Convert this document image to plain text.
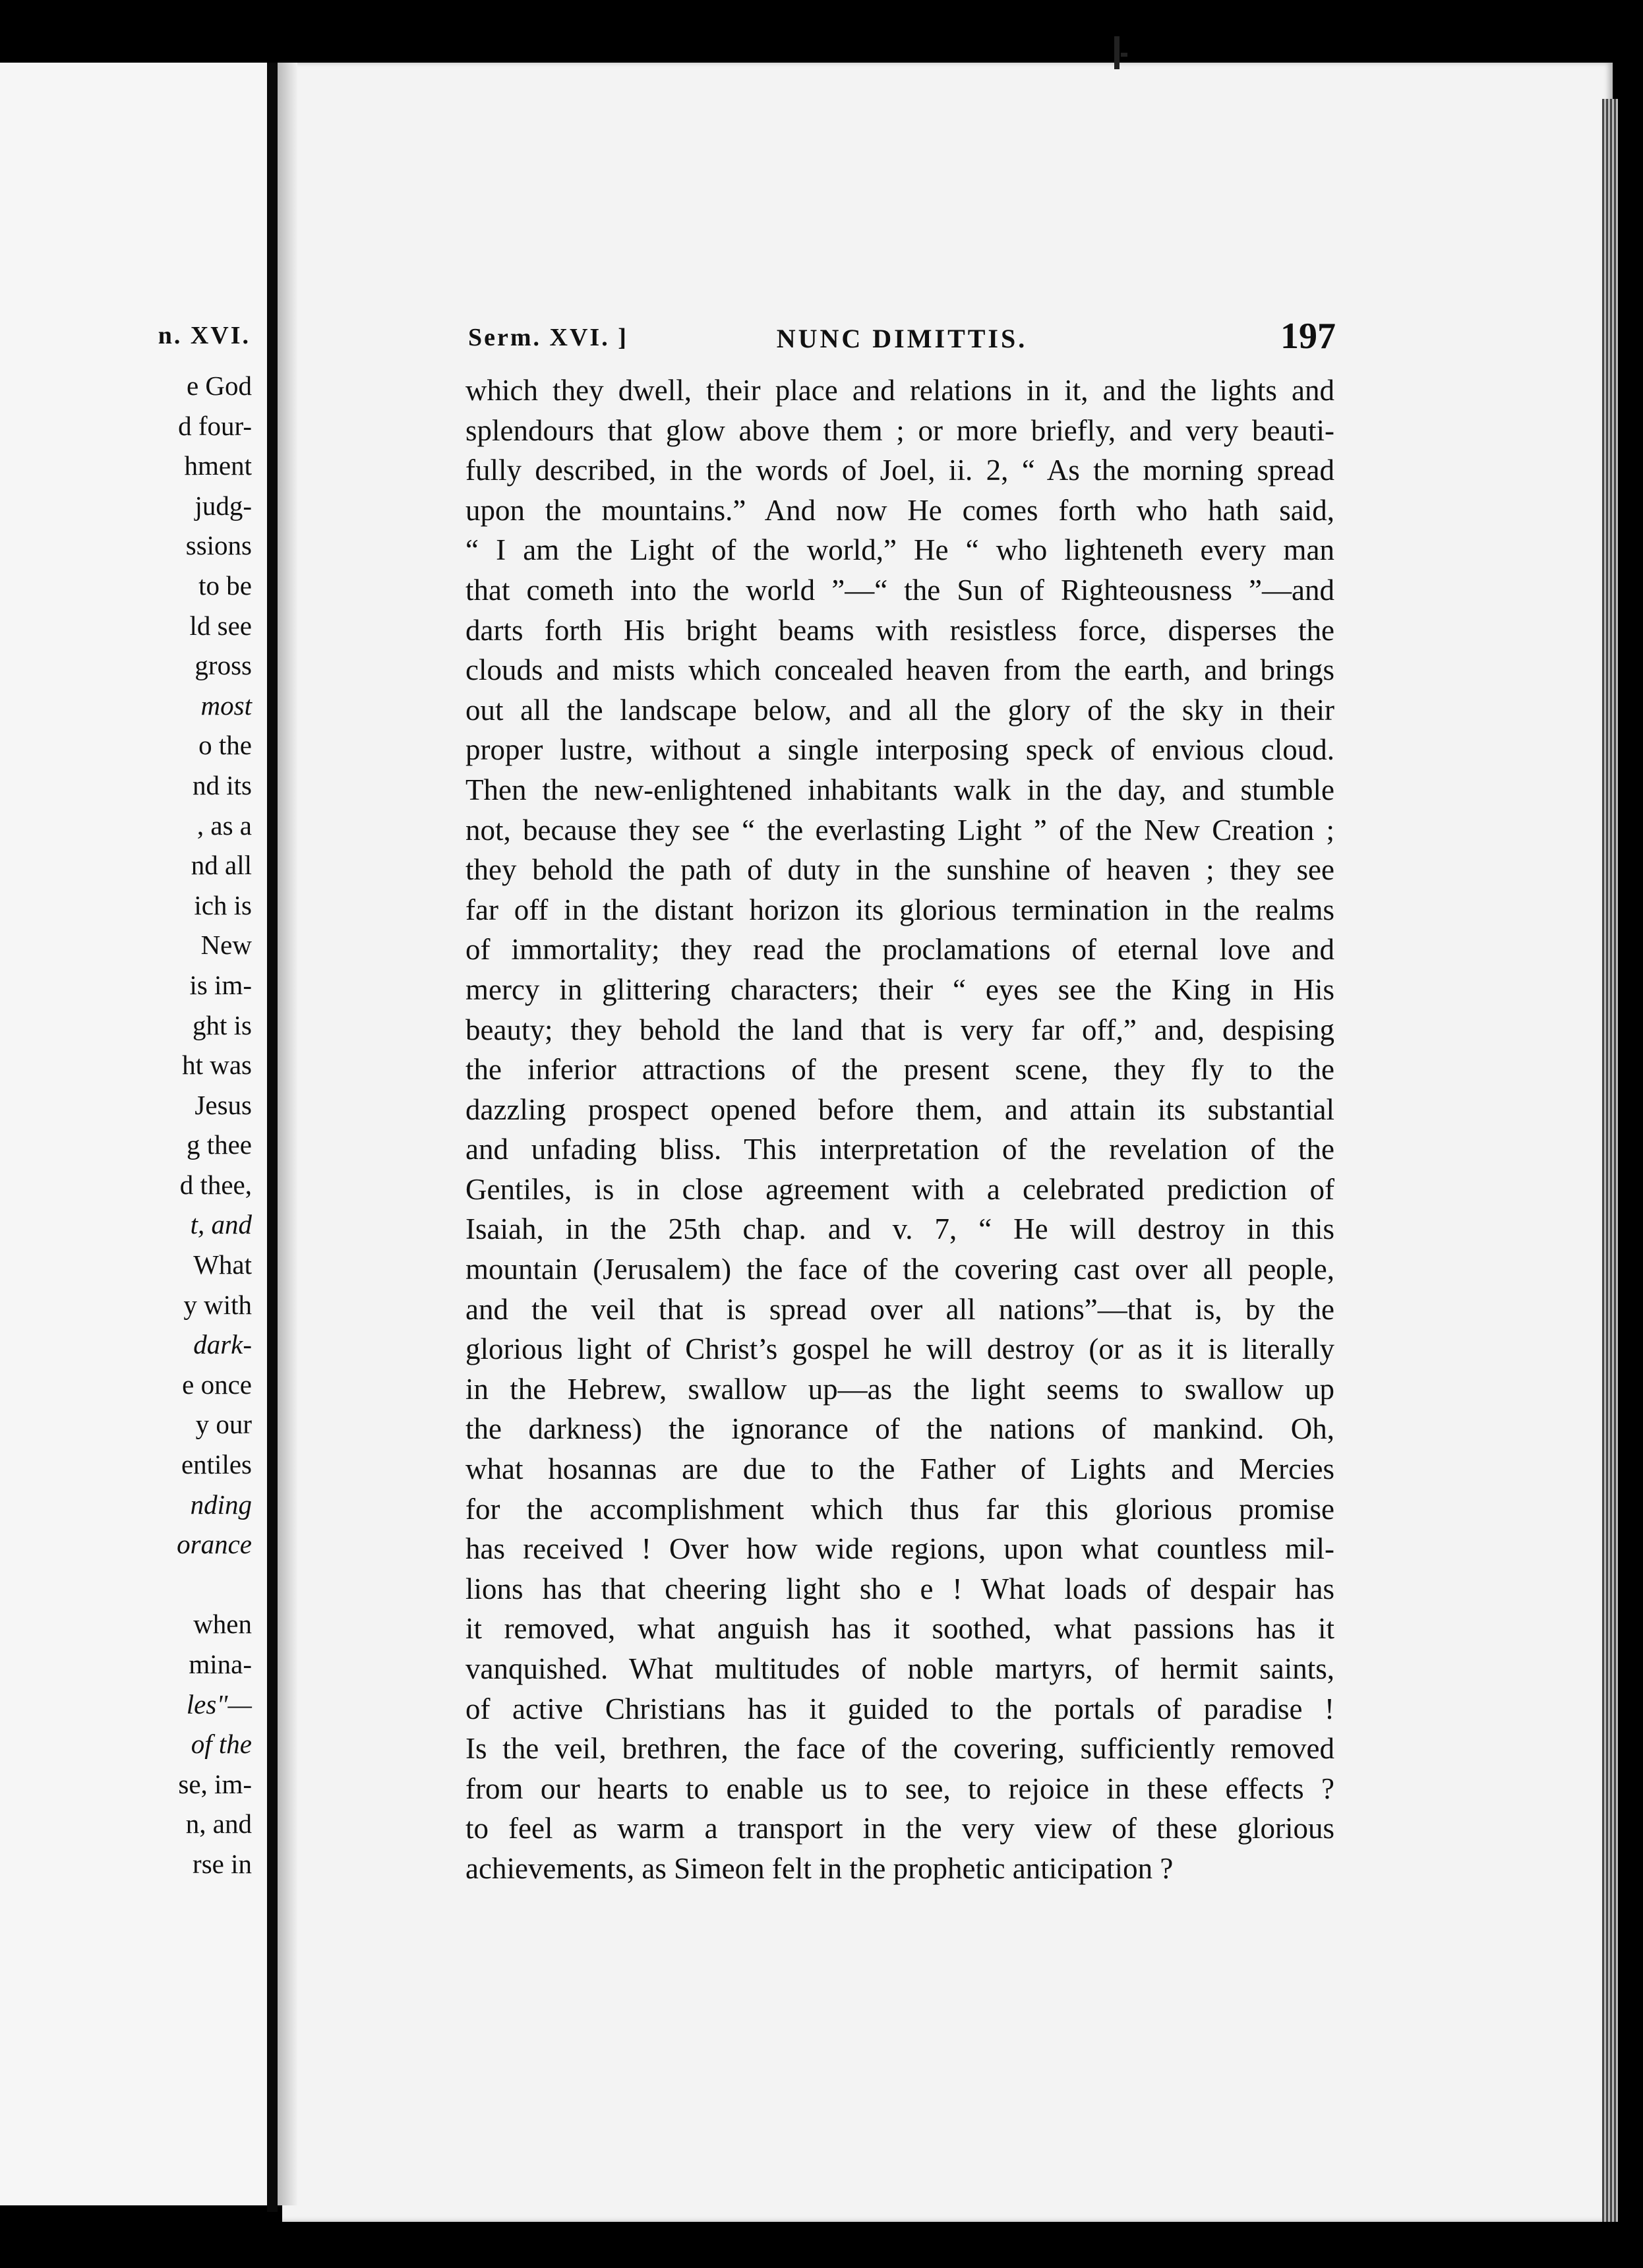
n. XVI.
e God
d four-
hment
judg-
ssions
to be
ld see
gross
most
o the
nd its
, as a
nd all
ich is
New
is im-
ght is
ht was
Jesus
g thee
d thee,
t, and
What
y with
dark-
e once
y our
entiles
nding
orance
when
mina-
les"—
of the
se, im-
n, and
rse in
Serm. XVI. ]	NUNC DIMITTIS.	197

which they dwell, their place and relations in it, and the lights and

splendours that glow above them ; or more briefly, and very beauti-

fully described, in the words of Joel, ii. 2, “ As the morning spread

upon the mountains.” And now He comes forth who hath said,

“ I am the Light of the world,” He “ who lighteneth every man

that cometh into the world ”—“ the Sun of Righteousness ”—and

darts forth His bright beams with resistless force, disperses the

clouds and mists which concealed heaven from the earth, and brings

out all the landscape below, and all the glory of the sky in their

proper lustre, without a single interposing speck of envious cloud.

Then the new-enlightened inhabitants walk in the day, and stumble

not, because they see “ the everlasting Light ” of the New Creation ;

they behold the path of duty in the sunshine of heaven ; they see

far off in the distant horizon its glorious termination in the realms

of immortality; they read the proclamations of eternal love and

mercy in glittering characters; their “ eyes see the King in His

beauty; they behold the land that is very far off,” and, despising

the inferior attractions of the present scene, they fly to the

dazzling prospect opened before them, and attain its substantial

and unfading bliss. This interpretation of the revelation of the

Gentiles, is in close agreement with a celebrated prediction of

Isaiah, in the 25th chap. and v. 7, “ He will destroy in this

mountain (Jerusalem) the face of the covering cast over all people,

and the veil that is spread over all nations”—that is, by the

glorious light of Christ’s gospel he will destroy (or as it is literally

in the Hebrew, swallow up—as the light seems to swallow up

the darkness) the ignorance of the nations of mankind. Oh,

what hosannas are due to the Father of Lights and Mercies

for the accomplishment which thus far this glorious promise

has received ! Over how wide regions, upon what countless mil-

lions has that cheering light sho e ! What loads of despair has

it removed, what anguish has it soothed, what passions has it

vanquished. What multitudes of noble martyrs, of hermit saints,

of active Christians has it guided to the portals of paradise !

Is the veil, brethren, the face of the covering, sufficiently removed

from our hearts to enable us to see, to rejoice in these effects ?

to feel as warm a transport in the very view of these glorious

achievements, as Simeon felt in the prophetic anticipation ?
